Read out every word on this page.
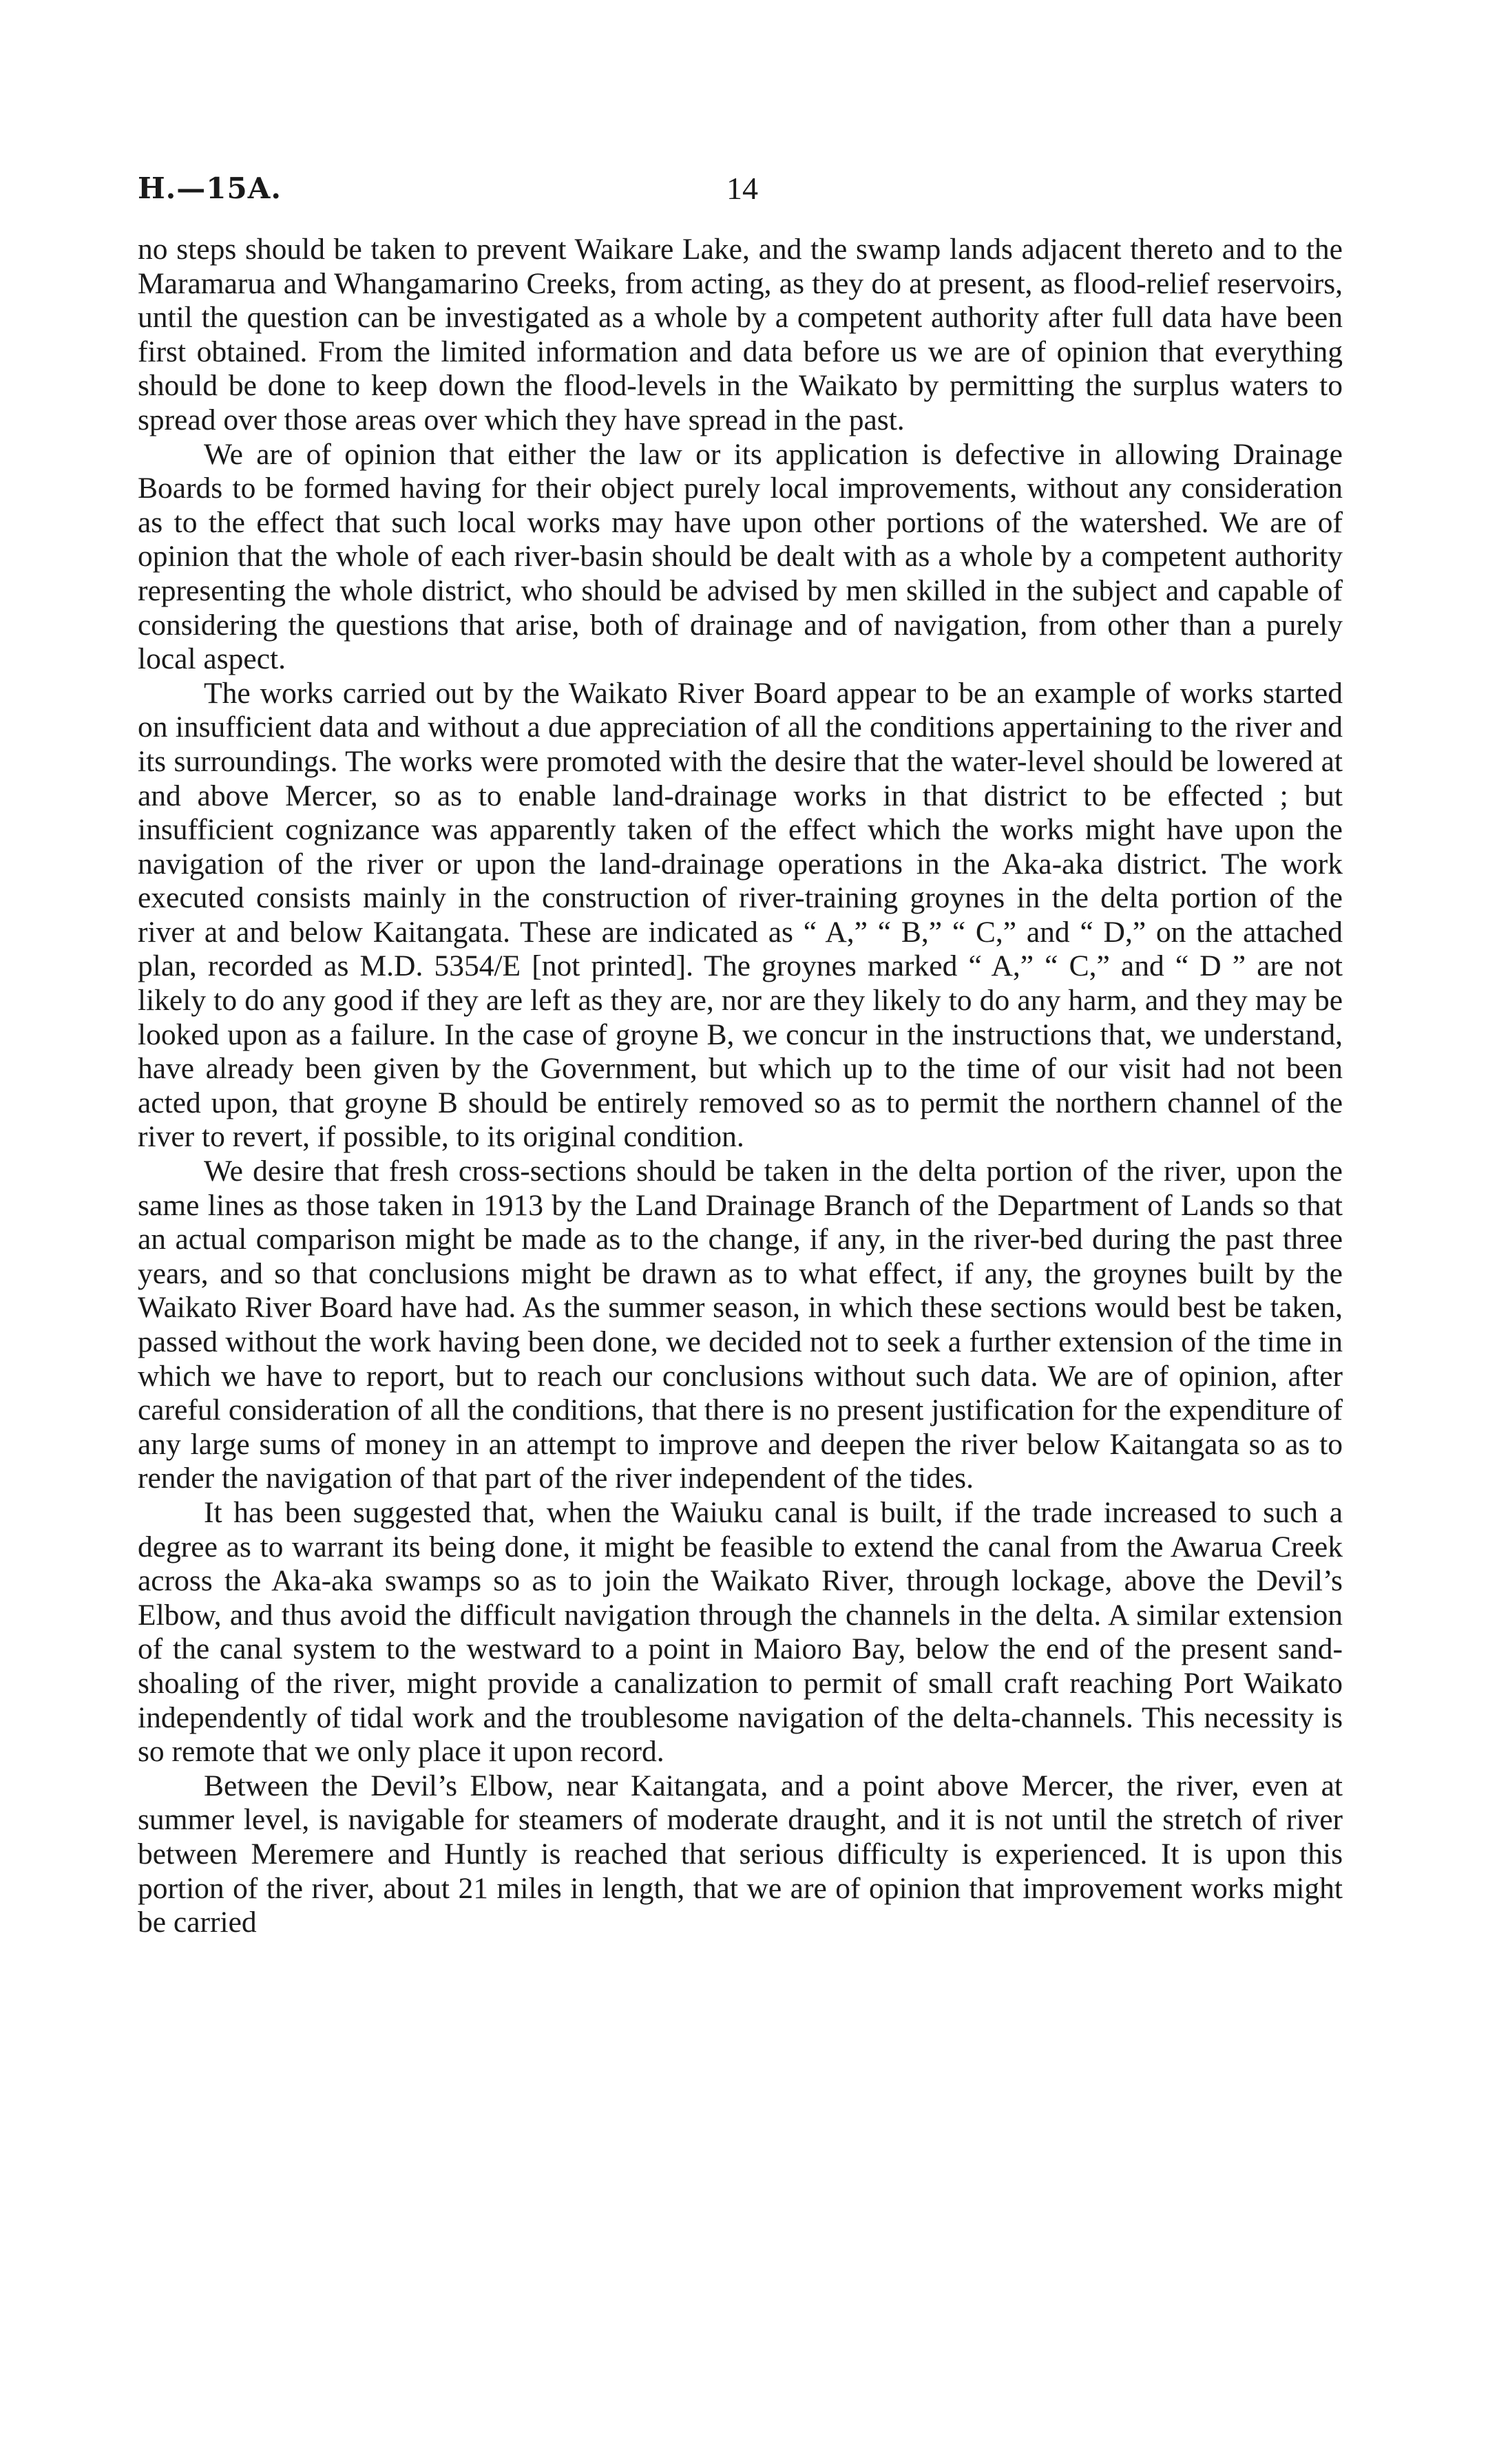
H.—15A.	14

no steps should be taken to prevent Waikare Lake, and the swamp lands adjacent thereto and to the Maramarua and Whangamarino Creeks, from acting, as they do at present, as flood-relief reservoirs, until the question can be investigated as a whole by a competent authority after full data have been first obtained. From the limited information and data before us we are of opinion that everything should be done to keep down the flood-levels in the Waikato by permitting the surplus waters to spread over those areas over which they have spread in the past.

We are of opinion that either the law or its application is defective in allowing Drainage Boards to be formed having for their object purely local improvements, without any consideration as to the effect that such local works may have upon other portions of the watershed. We are of opinion that the whole of each river-basin should be dealt with as a whole by a competent authority representing the whole district, who should be advised by men skilled in the subject and capable of considering the questions that arise, both of drainage and of navigation, from other than a purely local aspect.

The works carried out by the Waikato River Board appear to be an example of works started on insufficient data and without a due appreciation of all the conditions appertaining to the river and its surroundings. The works were promoted with the desire that the water-level should be lowered at and above Mercer, so as to enable land-drainage works in that district to be effected ; but insufficient cognizance was apparently taken of the effect which the works might have upon the navigation of the river or upon the land-drainage operations in the Aka-aka district. The work executed consists mainly in the construction of river-training groynes in the delta portion of the river at and below Kaitangata. These are indicated as “ A,” “ B,” “ C,” and “ D,” on the attached plan, recorded as M.D. 5354/E [not printed]. The groynes marked “ A,” “ C,” and “ D ” are not likely to do any good if they are left as they are, nor are they likely to do any harm, and they may be looked upon as a failure. In the case of groyne B, we concur in the instructions that, we understand, have already been given by the Government, but which up to the time of our visit had not been acted upon, that groyne B should be entirely removed so as to permit the northern channel of the river to revert, if possible, to its original condition.

We desire that fresh cross-sections should be taken in the delta portion of the river, upon the same lines as those taken in 1913 by the Land Drainage Branch of the Department of Lands so that an actual comparison might be made as to the change, if any, in the river-bed during the past three years, and so that conclusions might be drawn as to what effect, if any, the groynes built by the Waikato River Board have had. As the summer season, in which these sections would best be taken, passed without the work having been done, we decided not to seek a further extension of the time in which we have to report, but to reach our conclusions without such data. We are of opinion, after careful consideration of all the conditions, that there is no present justification for the expenditure of any large sums of money in an attempt to improve and deepen the river below Kaitangata so as to render the navigation of that part of the river independent of the tides.

It has been suggested that, when the Waiuku canal is built, if the trade increased to such a degree as to warrant its being done, it might be feasible to extend the canal from the Awarua Creek across the Aka-aka swamps so as to join the Waikato River, through lockage, above the Devil’s Elbow, and thus avoid the difficult navigation through the channels in the delta. A similar extension of the canal system to the westward to a point in Maioro Bay, below the end of the present sand-shoaling of the river, might provide a canalization to permit of small craft reaching Port Waikato independently of tidal work and the troublesome navigation of the delta-channels. This necessity is so remote that we only place it upon record.

Between the Devil’s Elbow, near Kaitangata, and a point above Mercer, the river, even at summer level, is navigable for steamers of moderate draught, and it is not until the stretch of river between Meremere and Huntly is reached that serious difficulty is experienced. It is upon this portion of the river, about 21 miles in length, that we are of opinion that improvement works might be carried
